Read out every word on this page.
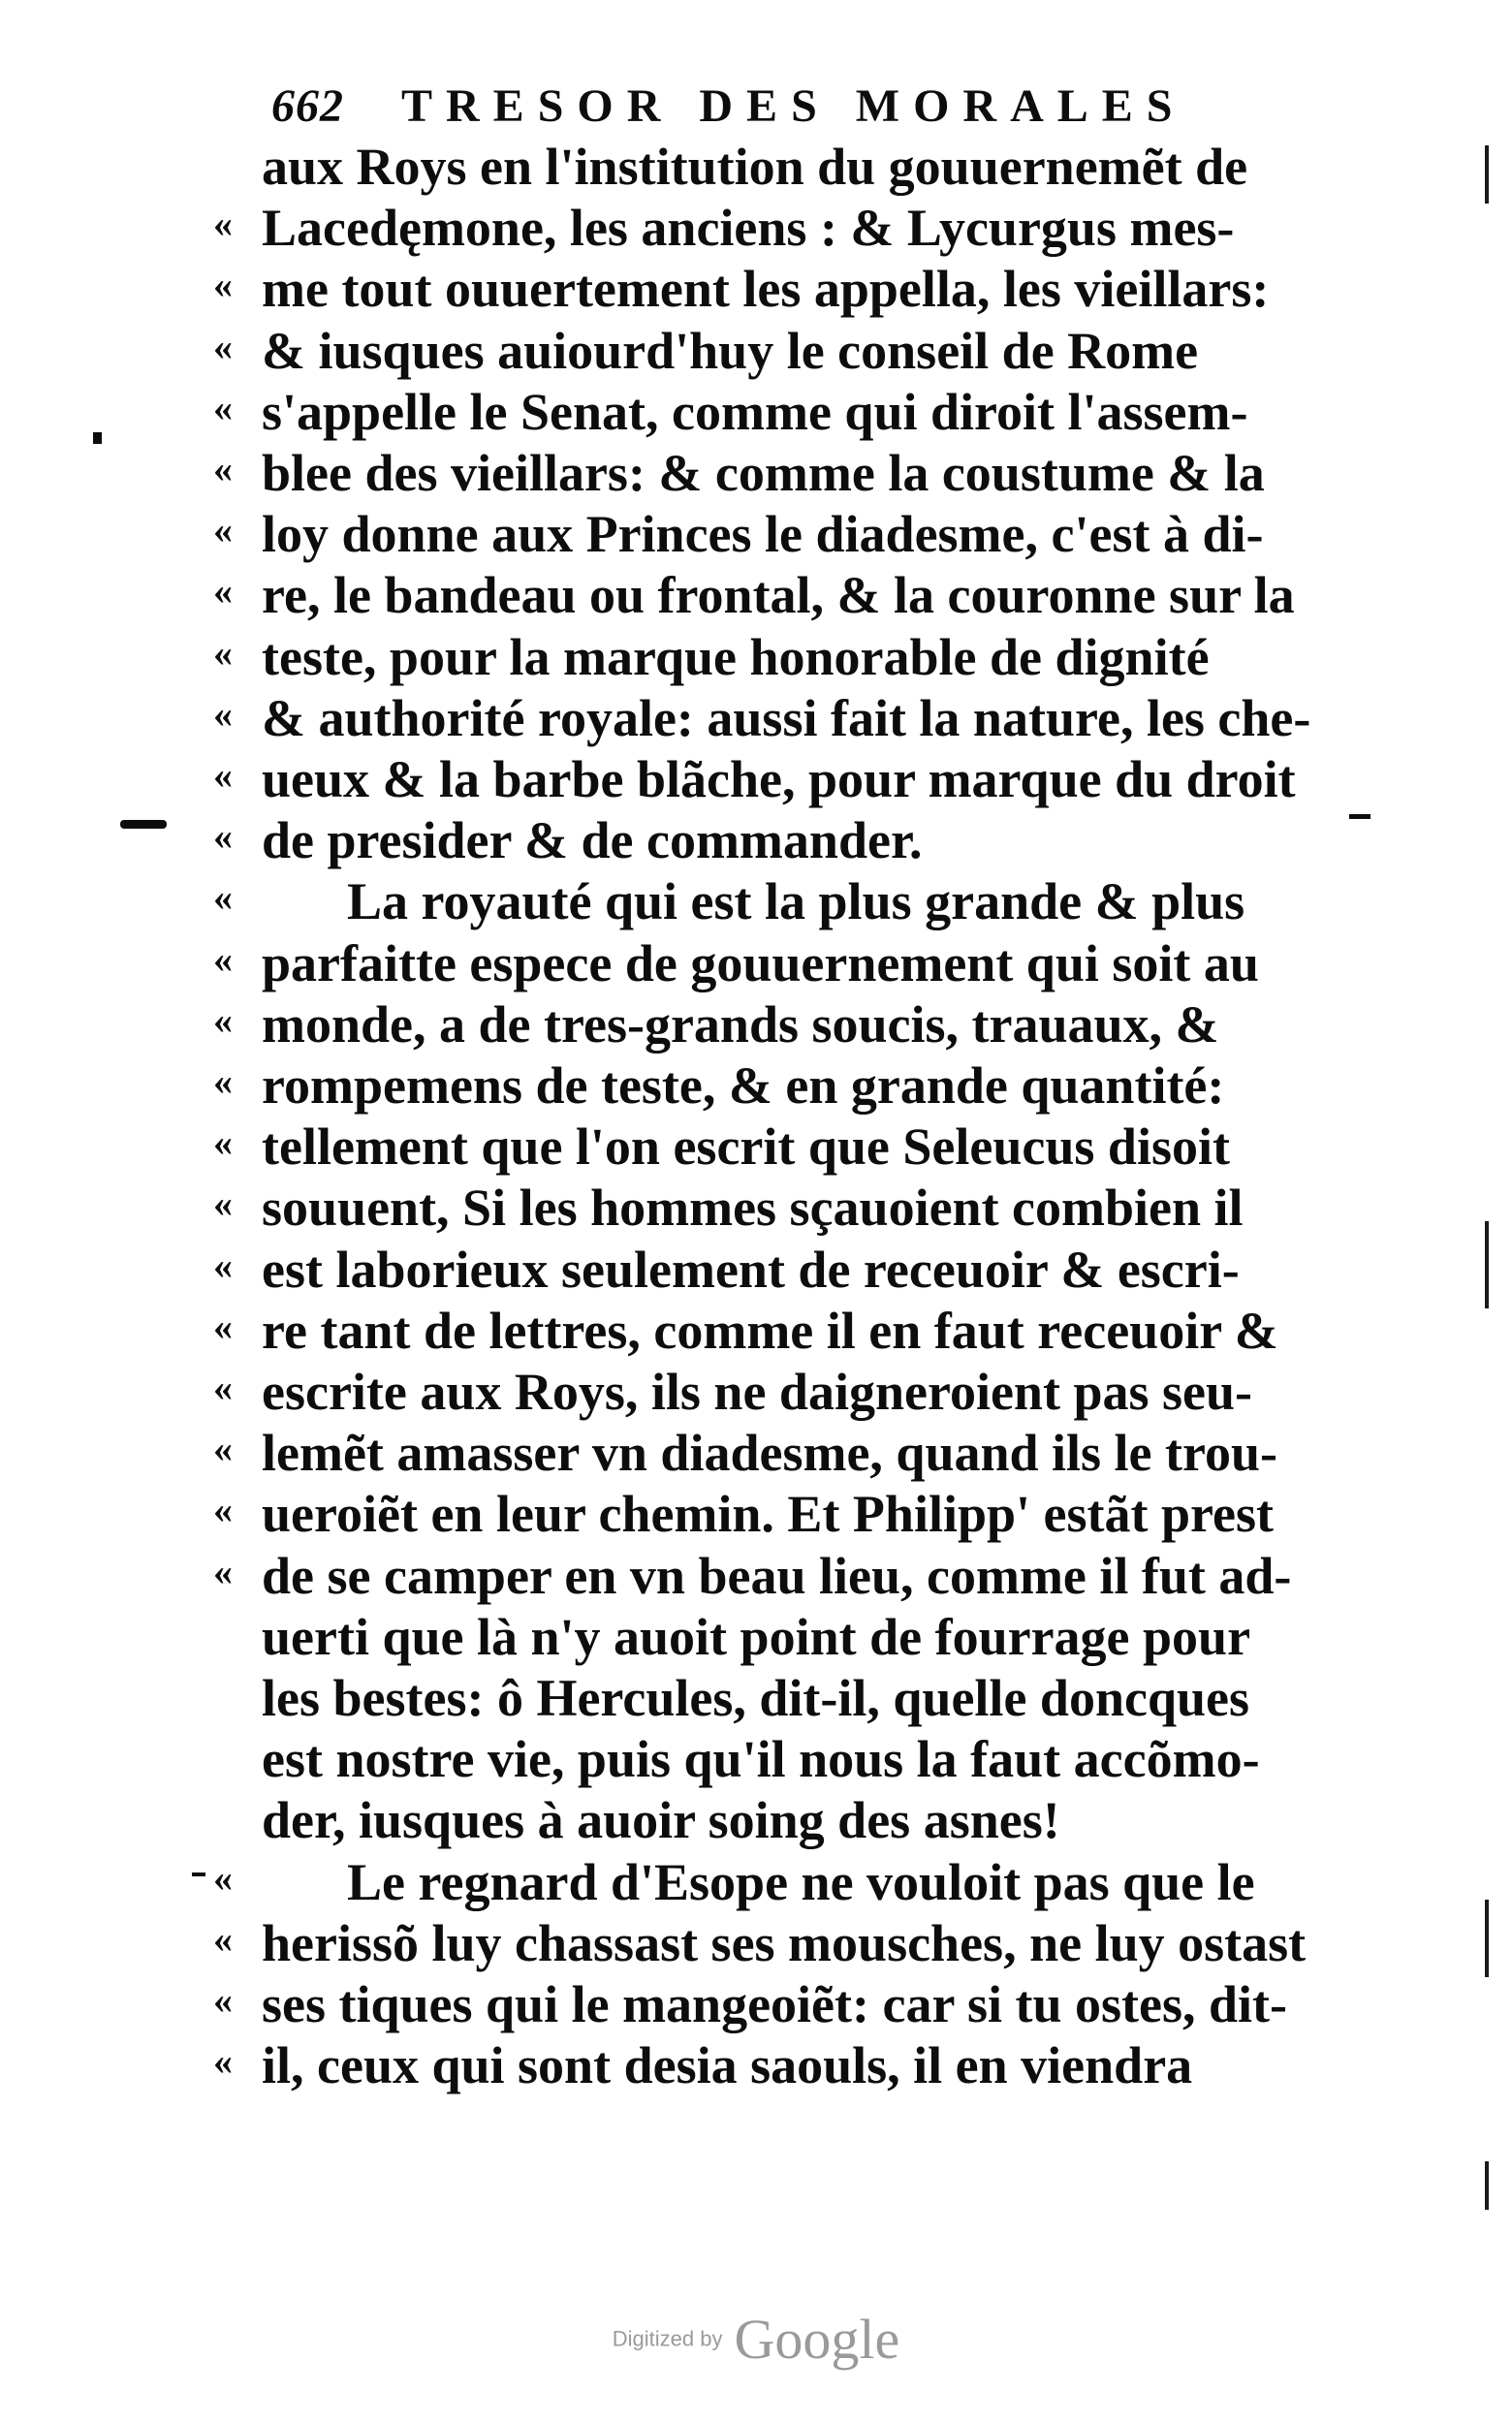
662 TRESOR DES MORALES
aux Roys en l'institution du gouuernemẽt de
« Lacedęmone, les anciens : & Lycurgus mes-
« me tout ouuertement les appella, les vieillars:
« & iusques auiourd'huy le conseil de Rome
« s'appelle le Senat, comme qui diroit l'assem-
« blee des vieillars: & comme la coustume & la
« loy donne aux Princes le diadesme, c'est à di-
« re, le bandeau ou frontal, & la couronne sur la
« teste, pour la marque honorable de dignité
« & authorité royale: aussi fait la nature, les che-
« ueux & la barbe blãche, pour marque du droit
« de presider & de commander.
« La royauté qui est la plus grande & plus
« parfaitte espece de gouuernement qui soit au
« monde, a de tres-grands soucis, trauaux, &
« rompemens de teste, & en grande quantité:
« tellement que l'on escrit que Seleucus disoit
« souuent, Si les hommes sçauoient combien il
« est laborieux seulement de receuoir & escri-
« re tant de lettres, comme il en faut receuoir &
« escrite aux Roys, ils ne daigneroient pas seu-
« lemẽt amasser vn diadesme, quand ils le trou-
« ueroiẽt en leur chemin. Et Philipp' estãt prest
« de se camper en vn beau lieu, comme il fut ad-
uerti que là n'y auoit point de fourrage pour
les bestes: ô Hercules, dit-il, quelle doncques
est nostre vie, puis qu'il nous la faut accõmo-
der, iusques à auoir soing des asnes!
« Le regnard d'Esope ne vouloit pas que le
« herissõ luy chassast ses mousches, ne luy ostast
« ses tiques qui le mangeoiẽt: car si tu ostes, dit-
« il, ceux qui sont desia saouls, il en viendra
Digitized by Google
